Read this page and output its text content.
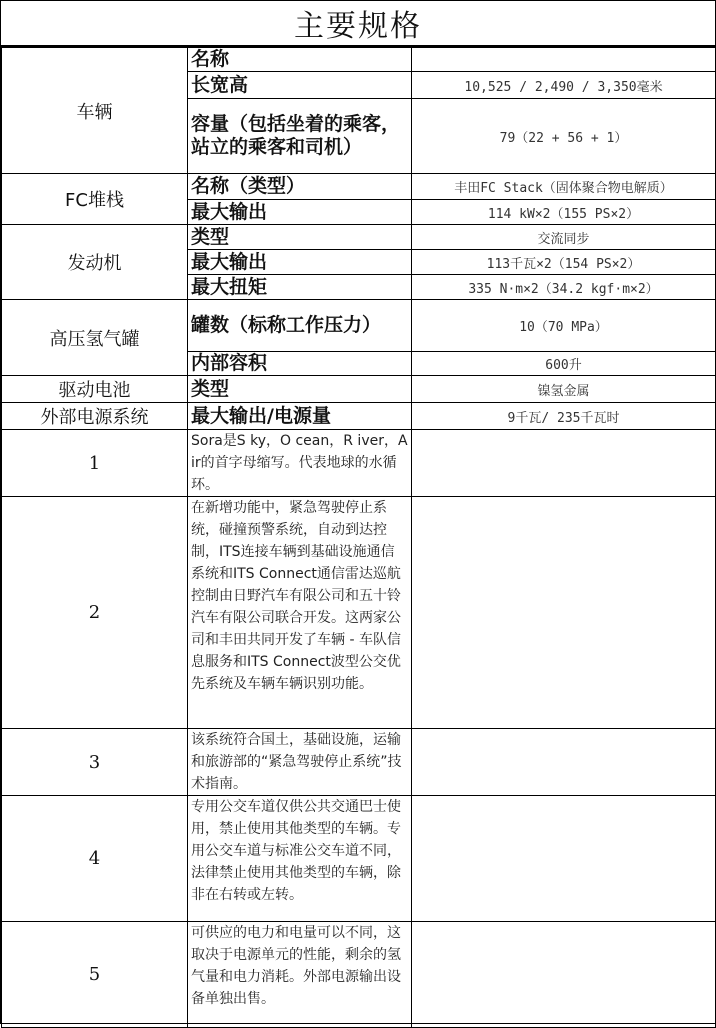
主要规格
车辆	名称	
	长宽高	10,525 / 2,490 / 3,350毫米
	容量（包括坐着的乘客，站立的乘客和司机）	79（22 + 56 + 1）
FC堆栈	名称（类型）	丰田FC Stack（固体聚合物电解质）
	最大输出	114 kW×2（155 PS×2）
发动机	类型	交流同步
	最大输出	113千瓦×2（154 PS×2）
	最大扭矩	335 N·m×2（34.2 kgf·m×2）
高压氢气罐	罐数（标称工作压力）	10（70 MPa）
	内部容积	600升
驱动电池	类型	镍氢金属
外部电源系统	最大输出/电源量	9千瓦/ 235千瓦时
1	Sora是S ky，O cean，R iver，A ir的首字母缩写。代表地球的水循环。	
2	在新增功能中，紧急驾驶停止系统，碰撞预警系统，自动到达控制，ITS连接车辆到基础设施通信系统和ITS Connect通信雷达巡航控制由日野汽车有限公司和五十铃汽车有限公司联合开发。这两家公司和丰田共同开发了车辆 - 车队信息服务和ITS Connect波型公交优先系统及车辆车辆识别功能。	
3	该系统符合国土，基础设施，运输和旅游部的“紧急驾驶停止系统”技术指南。	
4	专用公交车道仅供公共交通巴士使用，禁止使用其他类型的车辆。专用公交车道与标准公交车道不同，法律禁止使用其他类型的车辆，除非在右转或左转。	
5	可供应的电力和电量可以不同，这取决于电源单元的性能，剩余的氢气量和电力消耗。外部电源输出设备单独出售。	
